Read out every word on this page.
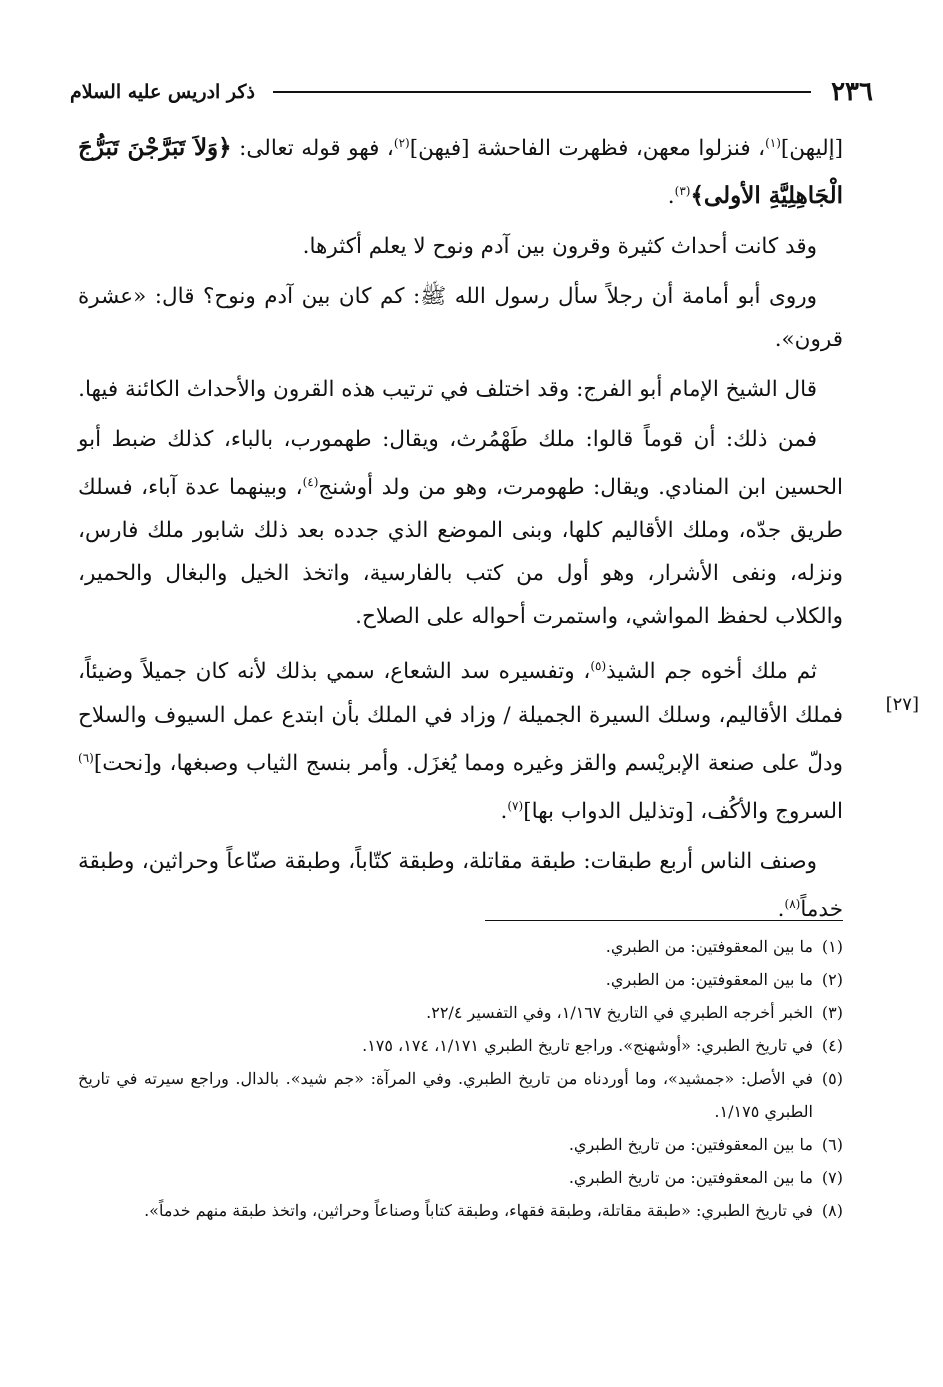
٢٣٦
ذكر ادريس عليه السلام

[إليهن]$^{(١)}$، فنزلوا معهن، فظهرت الفاحشة [فيهن]$^{(٢)}$، فهو قوله تعالى: ﴿وَلاَ تَبَرَّجْنَ تَبَرُّجَ الْجَاهِلِيَّةِ الأولى﴾$^{(٣)}$.

وقد كانت أحداث كثيرة وقرون بين آدم ونوح لا يعلم أكثرها.

وروى أبو أمامة أن رجلاً سأل رسول الله ﷺ: كم كان بين آدم ونوح؟ قال: «عشرة قرون».

قال الشيخ الإمام أبو الفرج: وقد اختلف في ترتيب هذه القرون والأحداث الكائنة فيها.

فمن ذلك: أن قوماً قالوا: ملك طَهْمُرث، ويقال: طهمورب، بالباء، كذلك ضبط أبو الحسين ابن المنادي. ويقال: طهومرت، وهو من ولد أوشنج$^{(٤)}$، وبينهما عدة آباء، فسلك طريق جدّه، وملك الأقاليم كلها، وبنى الموضع الذي جدده بعد ذلك شابور ملك فارس، ونزله، ونفى الأشرار، وهو أول من كتب بالفارسية، واتخذ الخيل والبغال والحمير، والكلاب لحفظ المواشي، واستمرت أحواله على الصلاح.

ثم ملك أخوه جم الشيذ$^{(٥)}$، وتفسيره سد الشعاع، سمي بذلك لأنه كان جميلاً وضيئاً، فملك الأقاليم، وسلك السيرة الجميلة / وزاد في الملك بأن ابتدع عمل السيوف والسلاح ودلّ على صنعة الإبريْسم والقز وغيره ومما يُغزَل. وأمر بنسج الثياب وصبغها، و[نحت]$^{(٦)}$ السروج والأكُف، [وتذليل الدواب بها]$^{(٧)}$.

وصنف الناس أربع طبقات: طبقة مقاتلة، وطبقة كتّاباً، وطبقة صنّاعاً وحراثين، وطبقة خدماً$^{(٨)}$.

[٢٧]
(١)
ما بين المعقوفتين: من الطبري.
(٢)
ما بين المعقوفتين: من الطبري.
(٣)
الخبر أخرجه الطبري في التاريخ ١/١٦٧، وفي التفسير ٢٢/٤.
(٤)
في تاريخ الطبري: «أوشهنج». وراجع تاريخ الطبري ١/١٧١، ١٧٤، ١٧٥.
(٥)
في الأصل: «جمشيد»، وما أوردناه من تاريخ الطبري. وفي المرآة: «جم شيد». بالدال. وراجع سيرته في تاريخ الطبري ١/١٧٥.
(٦)
ما بين المعقوفتين: من تاريخ الطبري.
(٧)
ما بين المعقوفتين: من تاريخ الطبري.
(٨)
في تاريخ الطبري: «طبقة مقاتلة، وطبقة فقهاء، وطبقة كتاباً وصناعاً وحراثين، واتخذ طبقة منهم خدماً».
